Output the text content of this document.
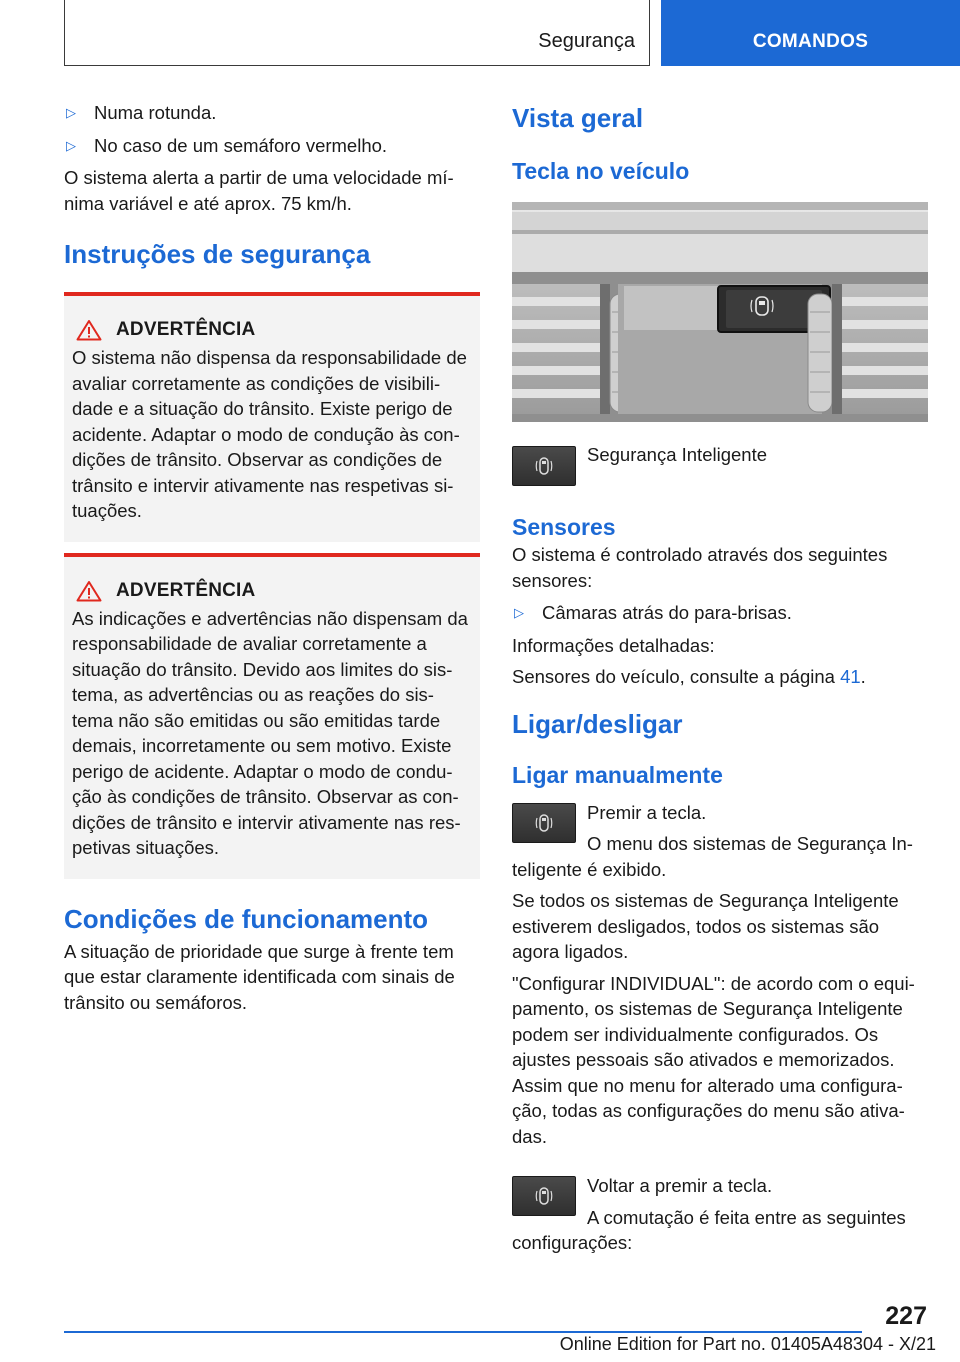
Segurança	COMANDOS
▷ Numa rotunda.
▷ No caso de um semáforo vermelho.

O sistema alerta a partir de uma velocidade mí-nima variável e até aprox. 75 km/h.

Instruções de segurança
ADVERTÊNCIA

O sistema não dispensa da responsabilidade de avaliar corretamente as condições de visibili-dade e a situação do trânsito. Existe perigo de acidente. Adaptar o modo de condução às con-dições de trânsito. Observar as condições de trânsito e intervir ativamente nas respetivas si-tuações.

ADVERTÊNCIA

As indicações e advertências não dispensam da responsabilidade de avaliar corretamente a situação do trânsito. Devido aos limites do sis-tema, as advertências ou as reações do sis-tema não são emitidas ou são emitidas tarde demais, incorretamente ou sem motivo. Existe perigo de acidente. Adaptar o modo de condu-ção às condições de trânsito. Observar as con-dições de trânsito e intervir ativamente nas res-petivas situações.

Condições de funcionamento

A situação de prioridade que surge à frente tem que estar claramente identificada com sinais de trânsito ou semáforos.

Vista geral
Tecla no veículo
Segurança Inteligente
Sensores

O sistema é controlado através dos seguintes sensores:

▷ Câmaras atrás do para-brisas.

Informações detalhadas:

Sensores do veículo, consulte a página 41.

Ligar/desligar
Ligar manualmente

Premir a tecla.

O menu dos sistemas de Segurança In-teligente é exibido.

Se todos os sistemas de Segurança Inteligente estiverem desligados, todos os sistemas são agora ligados.

"Configurar INDIVIDUAL": de acordo com o equi-pamento, os sistemas de Segurança Inteligente podem ser individualmente configurados. Os ajustes pessoais são ativados e memorizados. Assim que no menu for alterado uma configura-ção, todas as configurações do menu são ativa-das.

Voltar a premir a tecla.

A comutação é feita entre as seguintes configurações:

227
Online Edition for Part no. 01405A48304 - X/21
